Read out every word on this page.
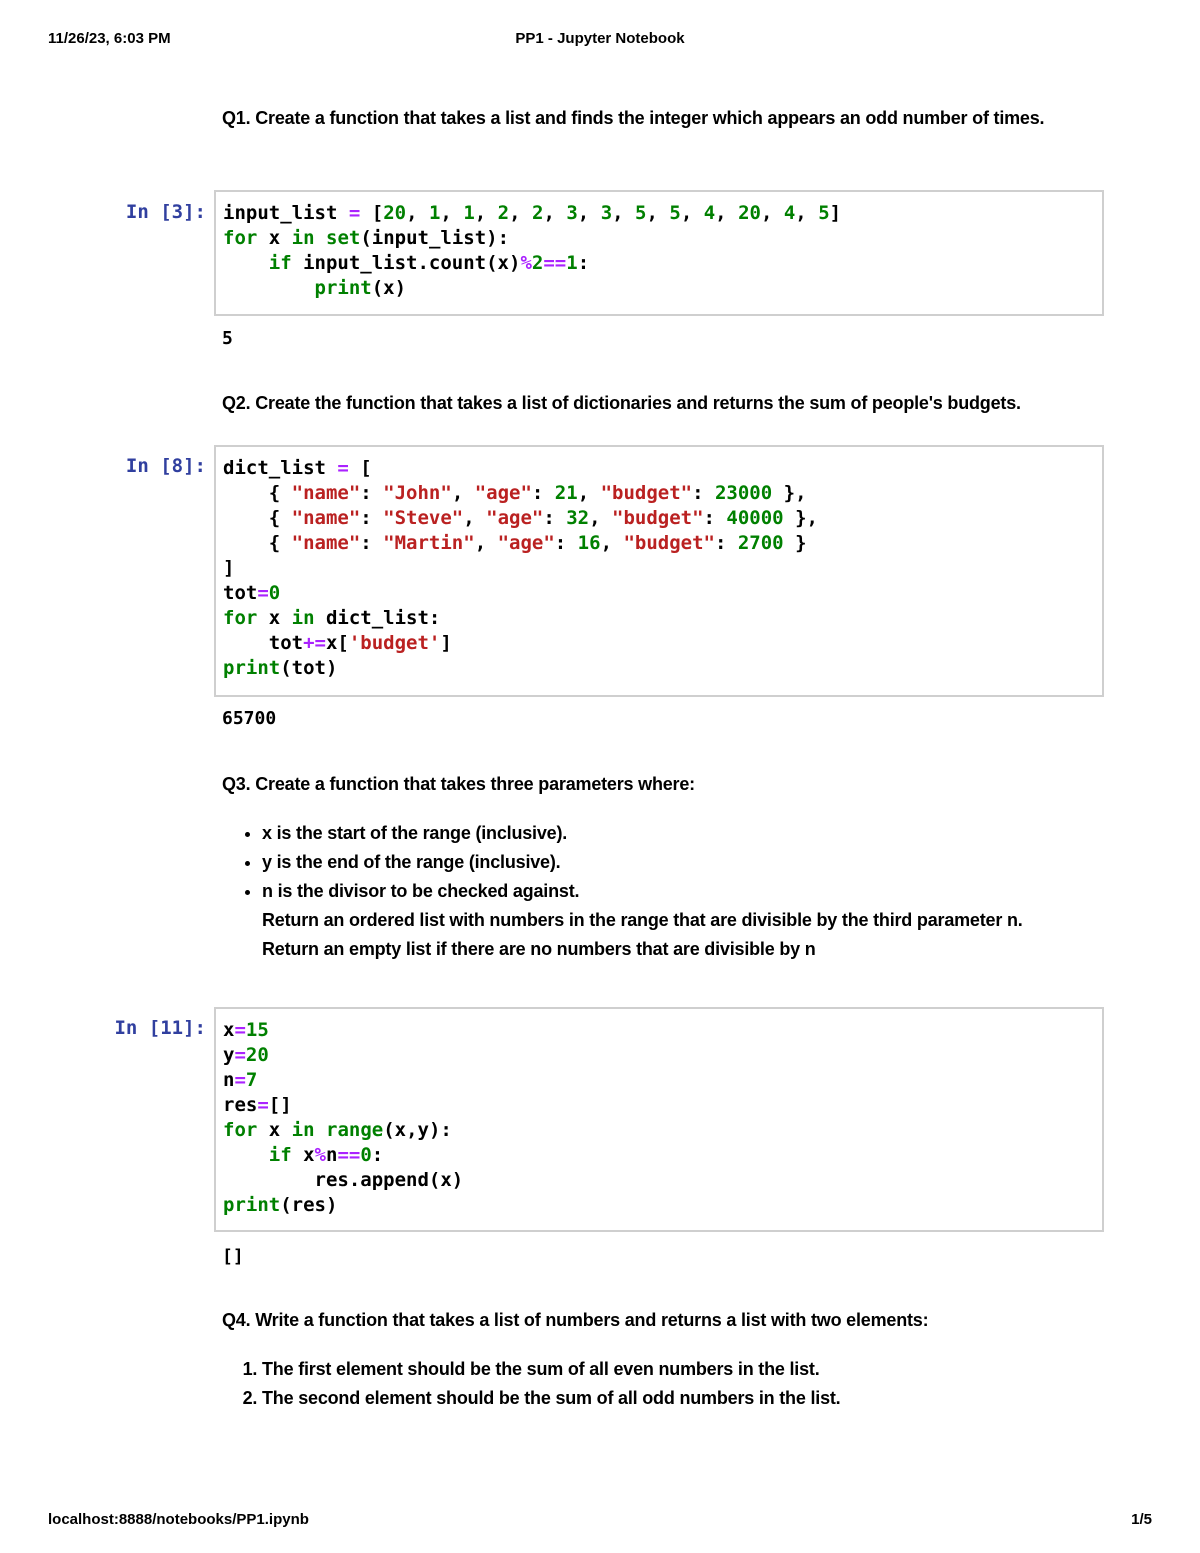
11/26/23, 6:03 PM	PP1 - Jupyter Notebook
Q1. Create a function that takes a list and finds the integer which appears an odd number of times.
In [3]: input_list = [20, 1, 1, 2, 2, 3, 3, 5, 5, 4, 20, 4, 5]
for x in set(input_list):
if input_list.count(x)%2==1:
print(x)
5
Q2. Create the function that takes a list of dictionaries and returns the sum of people's budgets.
In [8]: dict_list = [
{ "name": "John", "age": 21, "budget": 23000 },
{ "name": "Steve", "age": 32, "budget": 40000 },
{ "name": "Martin", "age": 16, "budget": 2700 }
]
tot=0
for x in dict_list:
tot+=x['budget']
print(tot)
65700
Q3. Create a function that takes three parameters where:
• x is the start of the range (inclusive).
• y is the end of the range (inclusive).
• n is the divisor to be checked against.
Return an ordered list with numbers in the range that are divisible by the third parameter n.
Return an empty list if there are no numbers that are divisible by n
In [11]: x=15
y=20
n=7
res=[]
for x in range(x,y):
if x%n==0:
res.append(x)
print(res)
[]
Q4. Write a function that takes a list of numbers and returns a list with two elements:
1. The first element should be the sum of all even numbers in the list.
2. The second element should be the sum of all odd numbers in the list.
localhost:8888/notebooks/PP1.ipynb	1/5
